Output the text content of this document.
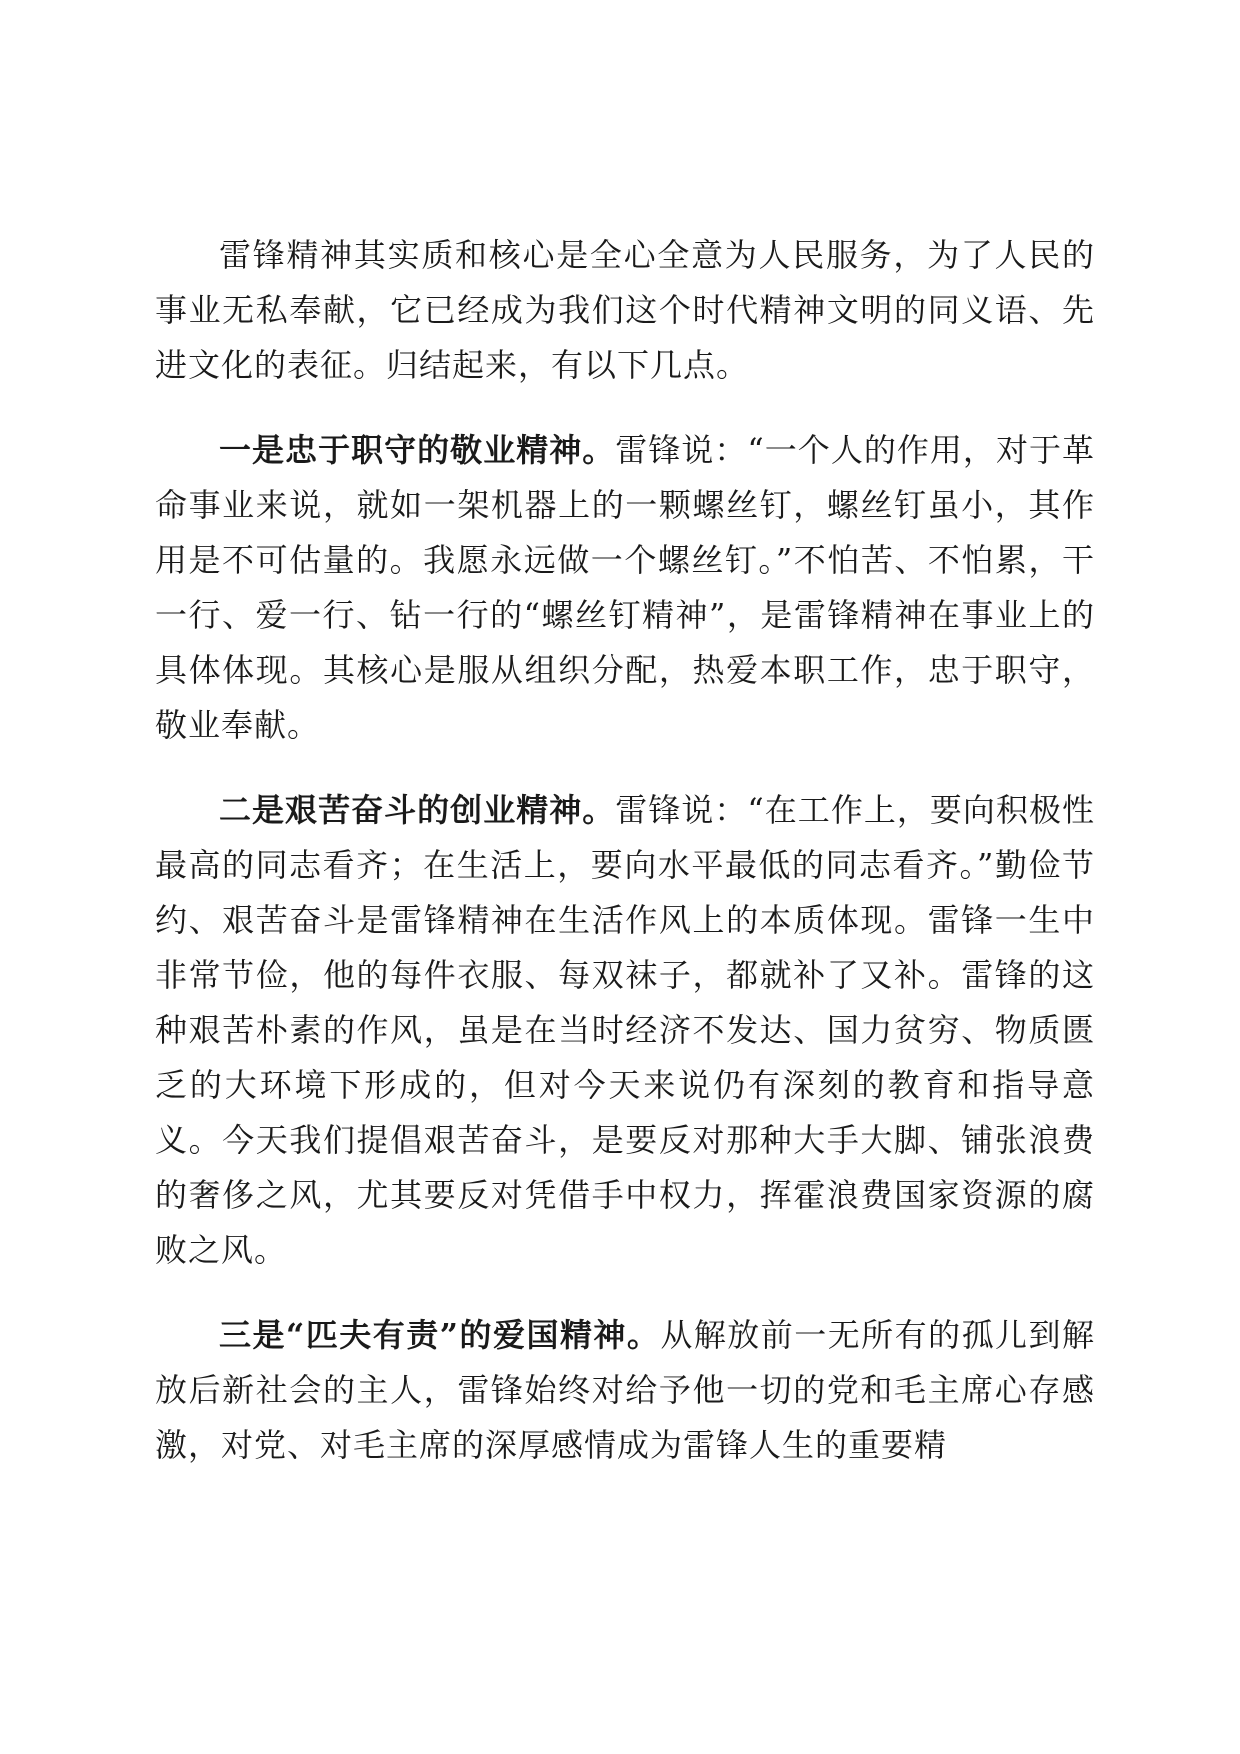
雷锋精神其实质和核心是全心全意为人民服务，为了人民的事业无私奉献，它已经成为我们这个时代精神文明的同义语、先进文化的表征。归结起来，有以下几点。

一是忠于职守的敬业精神。雷锋说：“一个人的作用，对于革命事业来说，就如一架机器上的一颗螺丝钉，螺丝钉虽小，其作用是不可估量的。我愿永远做一个螺丝钉。”不怕苦、不怕累，干一行、爱一行、钻一行的“螺丝钉精神”，是雷锋精神在事业上的具体体现。其核心是服从组织分配，热爱本职工作，忠于职守，敬业奉献。

二是艰苦奋斗的创业精神。雷锋说：“在工作上，要向积极性最高的同志看齐；在生活上，要向水平最低的同志看齐。”勤俭节约、艰苦奋斗是雷锋精神在生活作风上的本质体现。雷锋一生中非常节俭，他的每件衣服、每双袜子，都就补了又补。雷锋的这种艰苦朴素的作风，虽是在当时经济不发达、国力贫穷、物质匮乏的大环境下形成的，但对今天来说仍有深刻的教育和指导意义。今天我们提倡艰苦奋斗，是要反对那种大手大脚、铺张浪费的奢侈之风，尤其要反对凭借手中权力，挥霍浪费国家资源的腐败之风。

三是“匹夫有责”的爱国精神。从解放前一无所有的孤儿到解放后新社会的主人，雷锋始终对给予他一切的党和毛主席心存感激，对党、对毛主席的深厚感情成为雷锋人生的重要精
